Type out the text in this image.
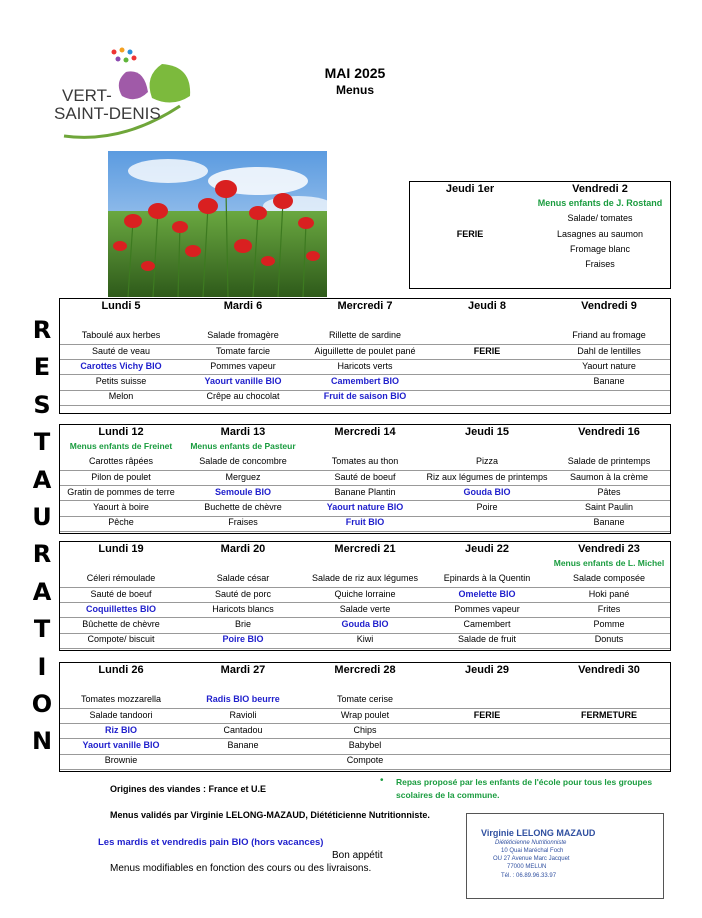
VERT-
SAINT-DENIS
MAI 2025
Menus
R
E
S
T
A
U
R
A
T
I
O
N
Jeudi 1er
FERIE
Vendredi 2
Menus enfants de J. Rostand
Salade/ tomates
Lasagnes au saumon
Fromage blanc
Fraises
Lundi 5
Taboulé aux herbes
Sauté de veau
Carottes Vichy BIO
Petits suisse
Melon
Mardi 6
Salade fromagère
Tomate farcie
Pommes vapeur
Yaourt vanille BIO
Crêpe au chocolat
Mercredi 7
Rillette de sardine
Aiguillette de poulet pané
Haricots verts
Camembert BIO
Fruit de saison BIO
Jeudi 8
FERIE
Vendredi 9
Friand au fromage
Dahl de lentilles
Yaourt nature
Banane
Lundi 12
Menus enfants de Freinet
Carottes râpées
Pilon de poulet
Gratin de pommes de terre
Yaourt à boire
Pêche
Mardi 13
Menus enfants de Pasteur
Salade de concombre
Merguez
Semoule BIO
Buchette de chèvre
Fraises
Mercredi 14
Tomates au thon
Sauté de boeuf
Banane Plantin
Yaourt nature BIO
Fruit BIO
Jeudi 15
Pizza
Riz aux légumes de printemps
Gouda BIO
Poire
Vendredi 16
Salade de printemps
Saumon à la crème
Pâtes
Saint Paulin
Banane
Lundi 19
Céleri rémoulade
Sauté de boeuf
Coquillettes BIO
Bûchette de chèvre
Compote/ biscuit
Mardi 20
Salade césar
Sauté de porc
Haricots blancs
Brie
Poire BIO
Mercredi 21
Salade de riz aux légumes
Quiche lorraine
Salade verte
Gouda BIO
Kiwi
Jeudi 22
Epinards à la Quentin
Omelette BIO
Pommes vapeur
Camembert
Salade de fruit
Vendredi 23
Menus enfants de L. Michel
Salade composée
Hoki pané
Frites
Pomme
Donuts
Lundi 26
Tomates mozzarella
Salade tandoori
Riz BIO
Yaourt vanille BIO
Brownie
Mardi 27
Radis BIO beurre
Ravioli
Cantadou
Banane
Mercredi 28
Tomate cerise
Wrap poulet
Chips
Babybel
Compote
Jeudi 29
FERIE
Vendredi 30
FERMETURE
Origines des viandes : France et U.E
• Repas proposé par les enfants de l'école pour tous les groupes
scolaires de la commune.
Menus validés par Virginie LELONG-MAZAUD, Diététicienne Nutritionniste.
Les mardis et vendredis pain BIO (hors vacances)
Bon appétit
Menus modifiables en fonction des cours ou des livraisons.
Virginie LELONG MAZAUD
Diététicienne Nutritionniste
10 Quai Maréchal Foch
OU 27 Avenue Marc Jacquet
77000 MELUN
Tél. : 06.89.96.33.97
